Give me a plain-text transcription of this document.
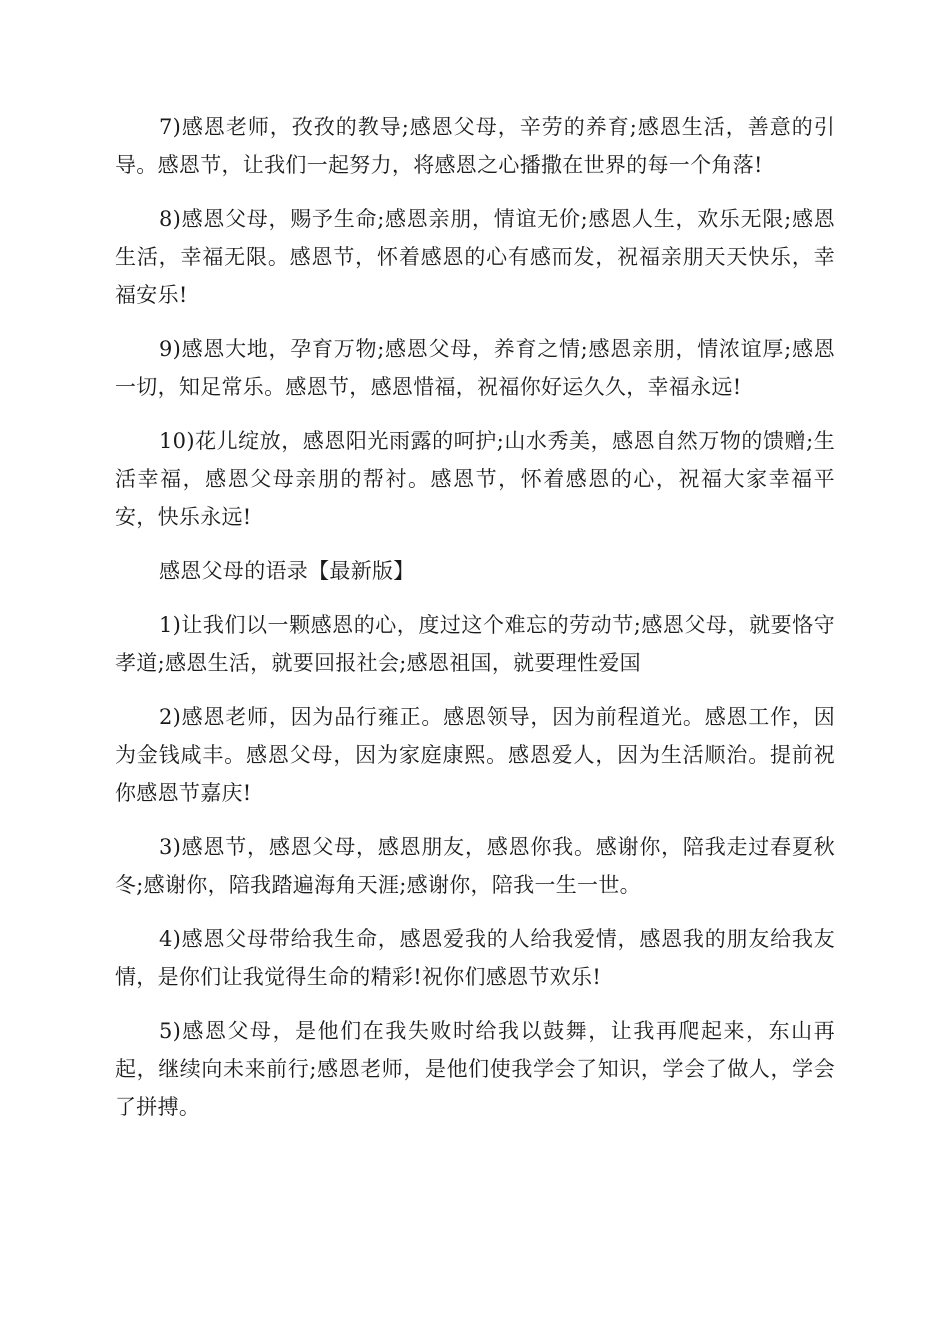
7)感恩老师，孜孜的教导;感恩父母，辛劳的养育;感恩生活，善意的引导。感恩节，让我们一起努力，将感恩之心播撒在世界的每一个角落!

8)感恩父母，赐予生命;感恩亲朋，情谊无价;感恩人生，欢乐无限;感恩生活，幸福无限。感恩节，怀着感恩的心有感而发，祝福亲朋天天快乐，幸福安乐!

9)感恩大地，孕育万物;感恩父母，养育之情;感恩亲朋，情浓谊厚;感恩一切，知足常乐。感恩节，感恩惜福，祝福你好运久久，幸福永远!

10)花儿绽放，感恩阳光雨露的呵护;山水秀美，感恩自然万物的馈赠;生活幸福，感恩父母亲朋的帮衬。感恩节，怀着感恩的心，祝福大家幸福平安，快乐永远!

感恩父母的语录【最新版】

1)让我们以一颗感恩的心，度过这个难忘的劳动节;感恩父母，就要恪守孝道;感恩生活，就要回报社会;感恩祖国，就要理性爱国

2)感恩老师，因为品行雍正。感恩领导，因为前程道光。感恩工作，因为金钱咸丰。感恩父母，因为家庭康熙。感恩爱人，因为生活顺治。提前祝你感恩节嘉庆!

3)感恩节，感恩父母，感恩朋友，感恩你我。感谢你，陪我走过春夏秋冬;感谢你，陪我踏遍海角天涯;感谢你，陪我一生一世。

4)感恩父母带给我生命，感恩爱我的人给我爱情，感恩我的朋友给我友情，是你们让我觉得生命的精彩!祝你们感恩节欢乐!

5)感恩父母，是他们在我失败时给我以鼓舞，让我再爬起来，东山再起，继续向未来前行;感恩老师，是他们使我学会了知识，学会了做人，学会了拼搏。
